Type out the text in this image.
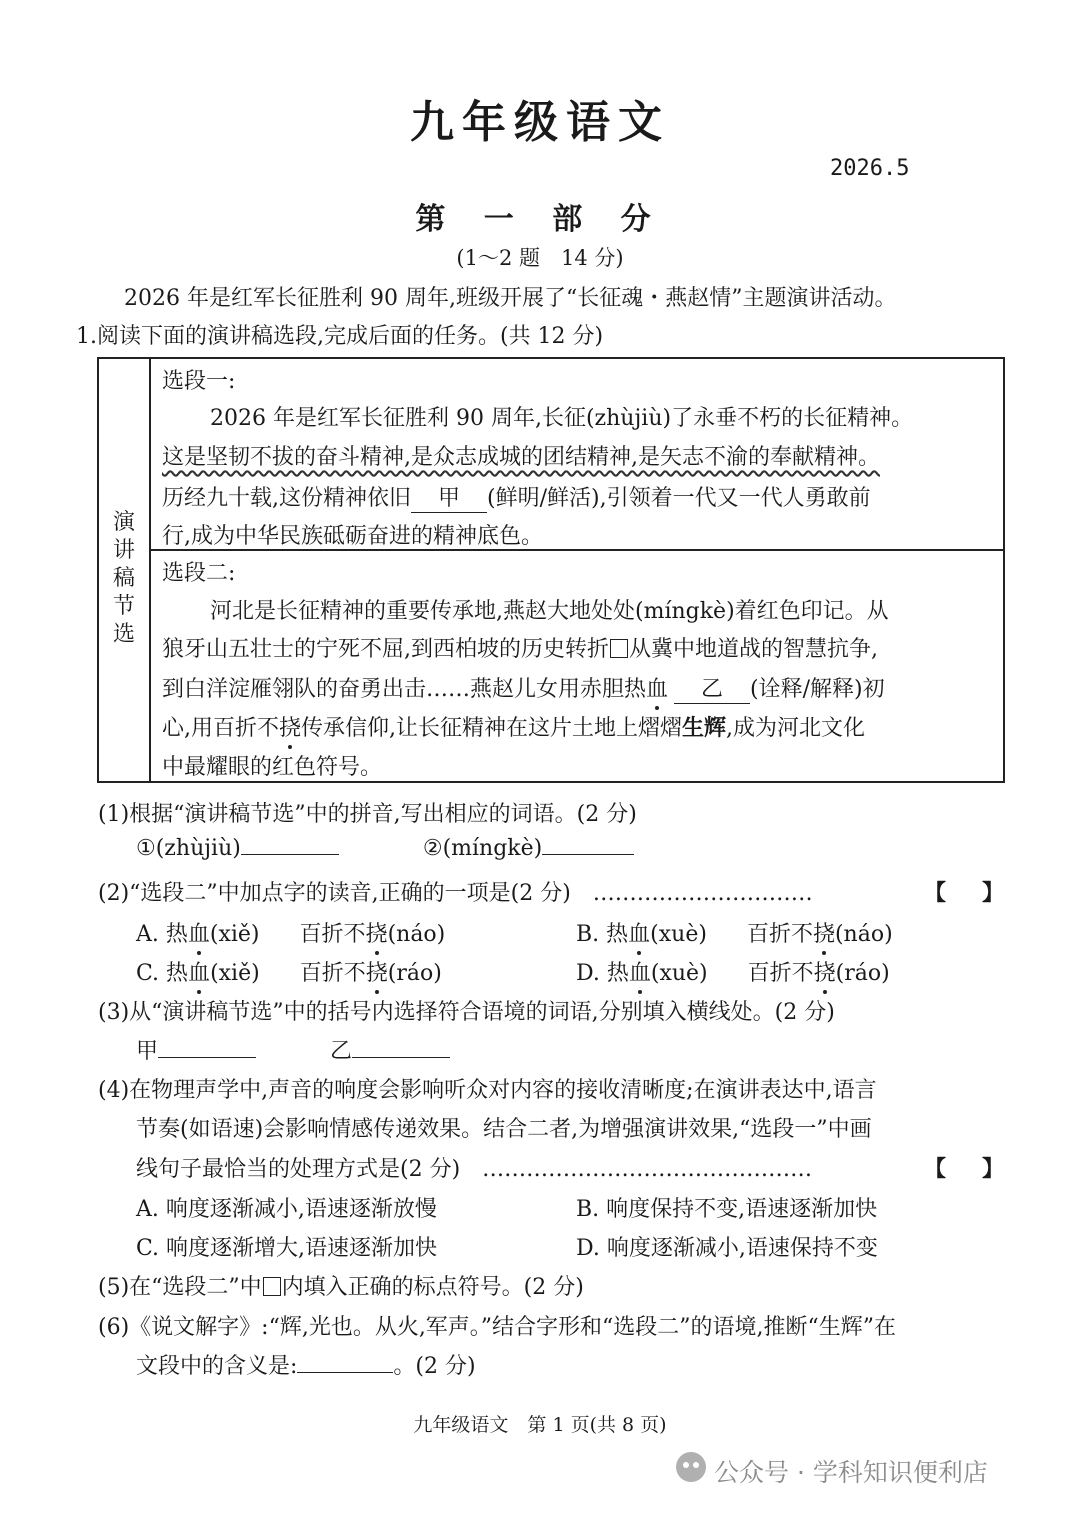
九年级语文
2026.5
第 一 部 分
(1～2 题　14 分)
2026 年是红军长征胜利 90 周年,班级开展了“长征魂・燕赵情”主题演讲活动。
1.阅读下面的演讲稿选段,完成后面的任务。(共 12 分)
演讲稿节选
选段一:
2026 年是红军长征胜利 90 周年,长征(zhùjiù)了永垂不朽的长征精神。
这是坚韧不拔的奋斗精神,是众志成城的团结精神,是矢志不渝的奉献精神。
历经九十载,这份精神依旧 甲 (鲜明/鲜活),引领着一代又一代人勇敢前
行,成为中华民族砥砺奋进的精神底色。
选段二:
河北是长征精神的重要传承地,燕赵大地处处(míngkè)着红色印记。从
狼牙山五壮士的宁死不屈,到西柏坡的历史转折 从冀中地道战的智慧抗争,
到白洋淀雁翎队的奋勇出击……燕赵儿女用赤胆热血 乙 (诠释/解释)初
心,用百折不挠传承信仰,让长征精神在这片土地上熠熠生辉,成为河北文化
中最耀眼的红色符号。
(1)根据“演讲稿节选”中的拼音,写出相应的词语。(2 分)
①(zhùjiù)	②(míngkè)
(2)“选段二”中加点字的读音,正确的一项是(2 分)　…………………………	【 】
A. 热血(xiě) 百折不挠(náo)	B. 热血(xuè) 百折不挠(náo)
C. 热血(xiě) 百折不挠(ráo)	D. 热血(xuè) 百折不挠(ráo)
(3)从“演讲稿节选”中的括号内选择符合语境的词语,分别填入横线处。(2 分)
甲	乙
(4)在物理声学中,声音的响度会影响听众对内容的接收清晰度;在演讲表达中,语言
节奏(如语速)会影响情感传递效果。结合二者,为增强演讲效果,“选段一”中画
线句子最恰当的处理方式是(2 分)　………………………………………	【 】
A. 响度逐渐减小,语速逐渐放慢	B. 响度保持不变,语速逐渐加快
C. 响度逐渐增大,语速逐渐加快	D. 响度逐渐减小,语速保持不变
(5)在“选段二”中 内填入正确的标点符号。(2 分)
(6)《说文解字》:“辉,光也。从火,军声。”结合字形和“选段二”的语境,推断“生辉”在
文段中的含义是:	。(2 分)
九年级语文　第 1 页(共 8 页)
公众号 · 学科知识便利店
